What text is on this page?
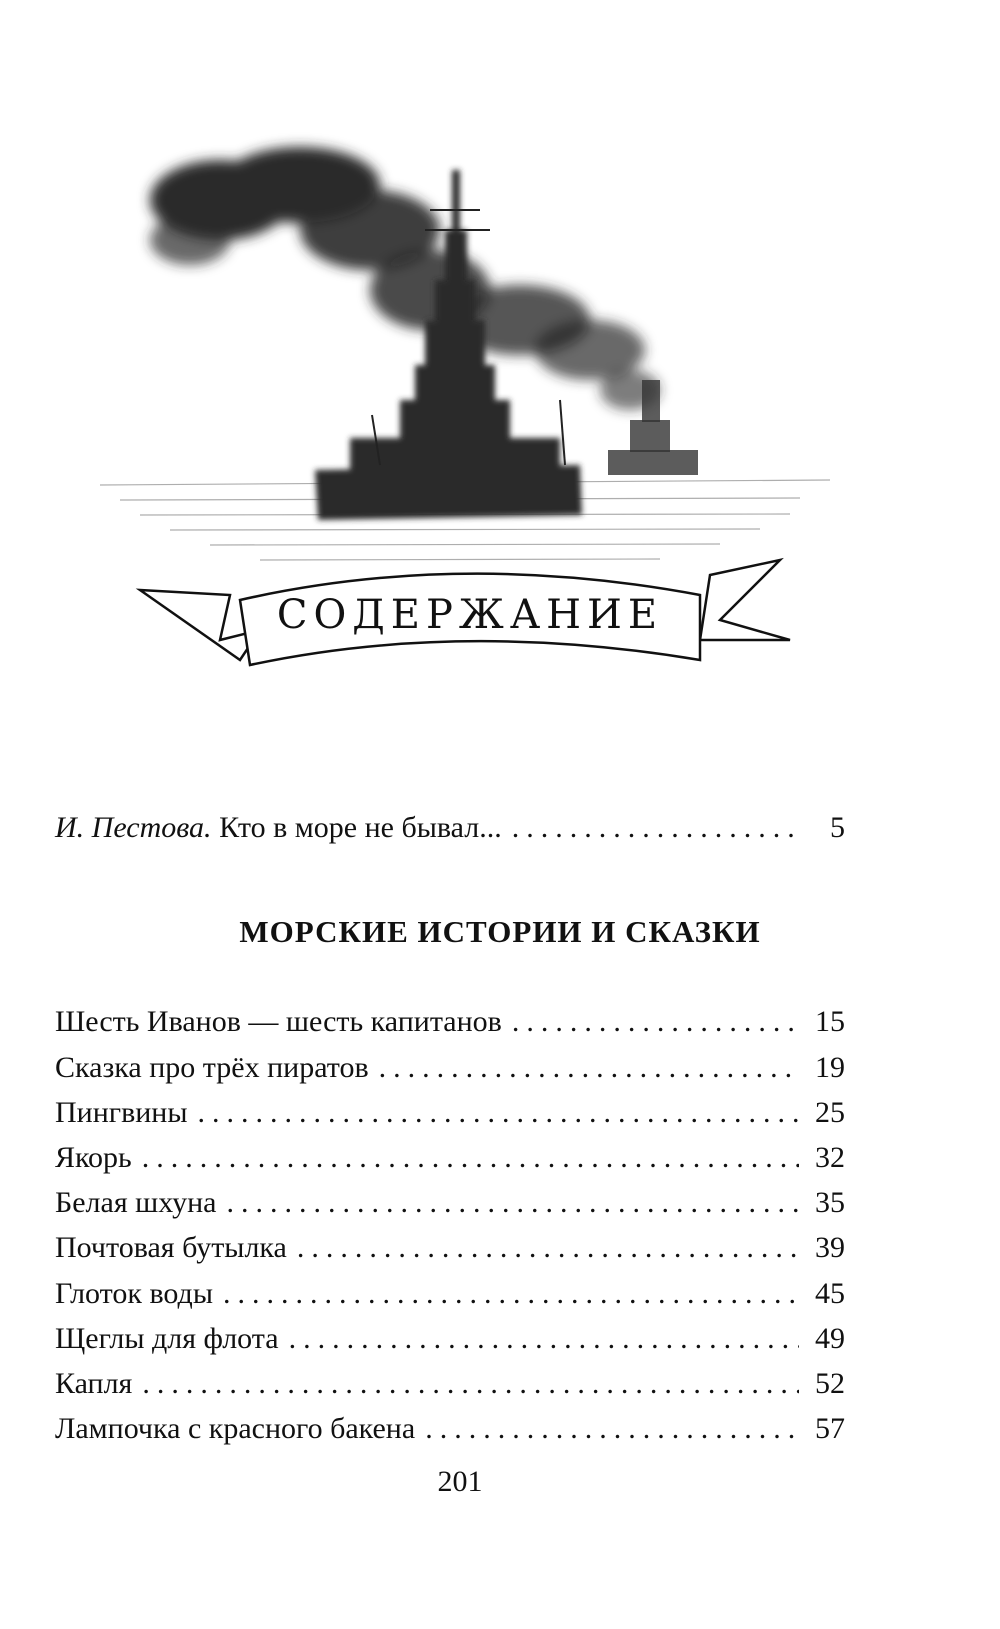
СОДЕРЖАНИЕ
И. Пестова. Кто в море не бывал... .....	5
МОРСКИЕ ИСТОРИИ И СКАЗКИ
Шесть Иванов — шесть капитанов .....	15
Сказка про трёх пиратов .....	19
Пингвины .....	25
Якорь .....	32
Белая шхуна .....	35
Почтовая бутылка .....	39
Глоток воды .....	45
Щеглы для флота .....	49
Капля .....	52
Лампочка с красного бакена .....	57
201
